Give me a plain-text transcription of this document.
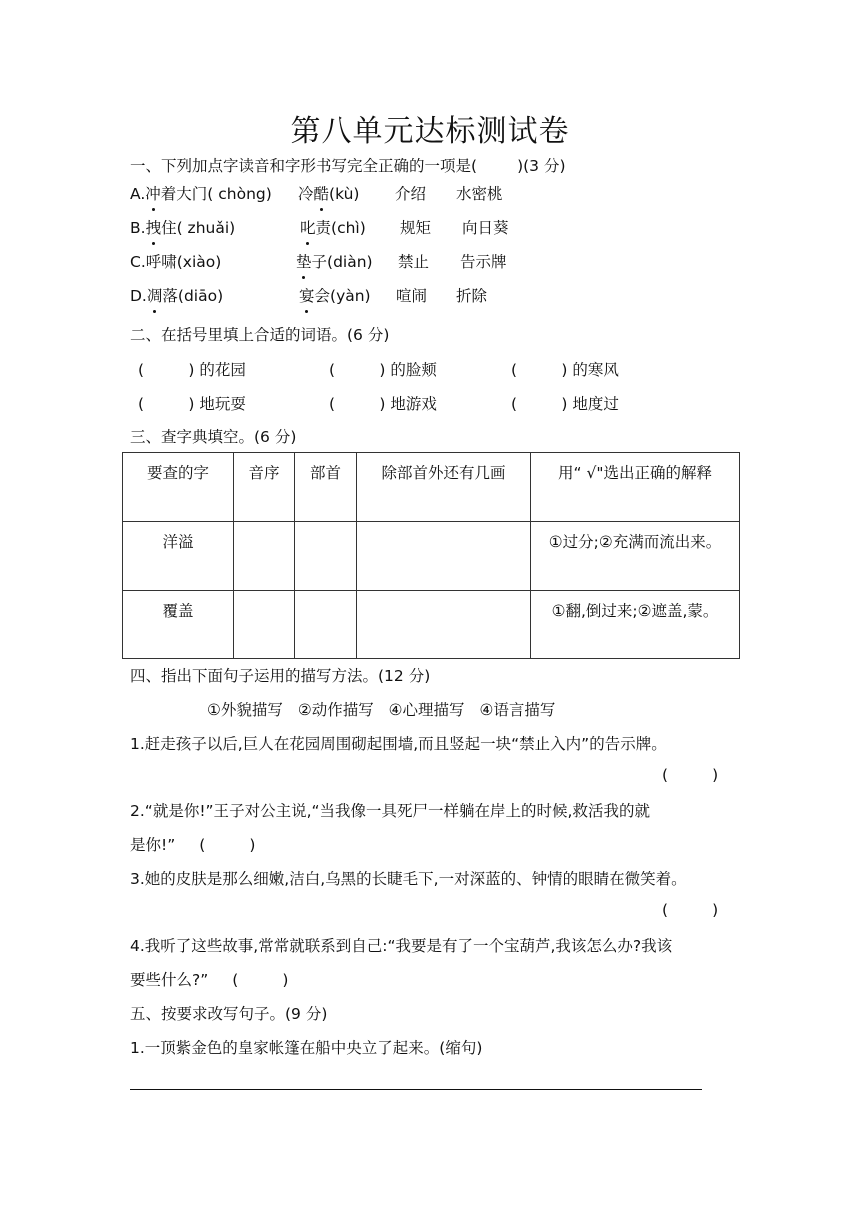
第八单元达标测试卷
一、下列加点字读音和字形书写完全正确的一项是(	)(3 分)
A.冲着大门( chòng) 冷酷(kù) 介绍 水密桃
B.拽住( zhuǎi)	叱责(chì) 规矩 向日葵
C.呼啸(xiào)	垫子(diàn) 禁止 告示牌
D.凋落(diāo)	宴会(yàn) 喧闹 折除
二、在括号里填上合适的词语。(6 分)
(         ) 的花园	(         ) 的脸颊	(         ) 的寒风
(         ) 地玩耍	(         ) 地游戏	(         ) 地度过
三、查字典填空。(6 分)
要查的字	音序	部首	除部首外还有几画	用“ √"选出正确的解释
洋溢				①过分;②充满而流出来。
覆盖				①翻,倒过来;②遮盖,蒙。
四、指出下面句子运用的描写方法。(12 分)
①外貌描写 ②动作描写 ④心理描写 ④语言描写
1.赶走孩子以后,巨人在花园周围砌起围墙,而且竖起一块“禁止入内”的告示牌。
(	)
2.“就是你!”王子对公主说,“当我像一具死尸一样躺在岸上的时候,救活我的就
是你!” (	)
3.她的皮肤是那么细嫩,洁白,乌黑的长睫毛下,一对深蓝的、钟情的眼睛在微笑着。
(	)
4.我听了这些故事,常常就联系到自己:“我要是有了一个宝葫芦,我该怎么办?我该
要些什么?” (	)
五、按要求改写句子。(9 分)
1.一顶紫金色的皇家帐篷在船中央立了起来。(缩句)
